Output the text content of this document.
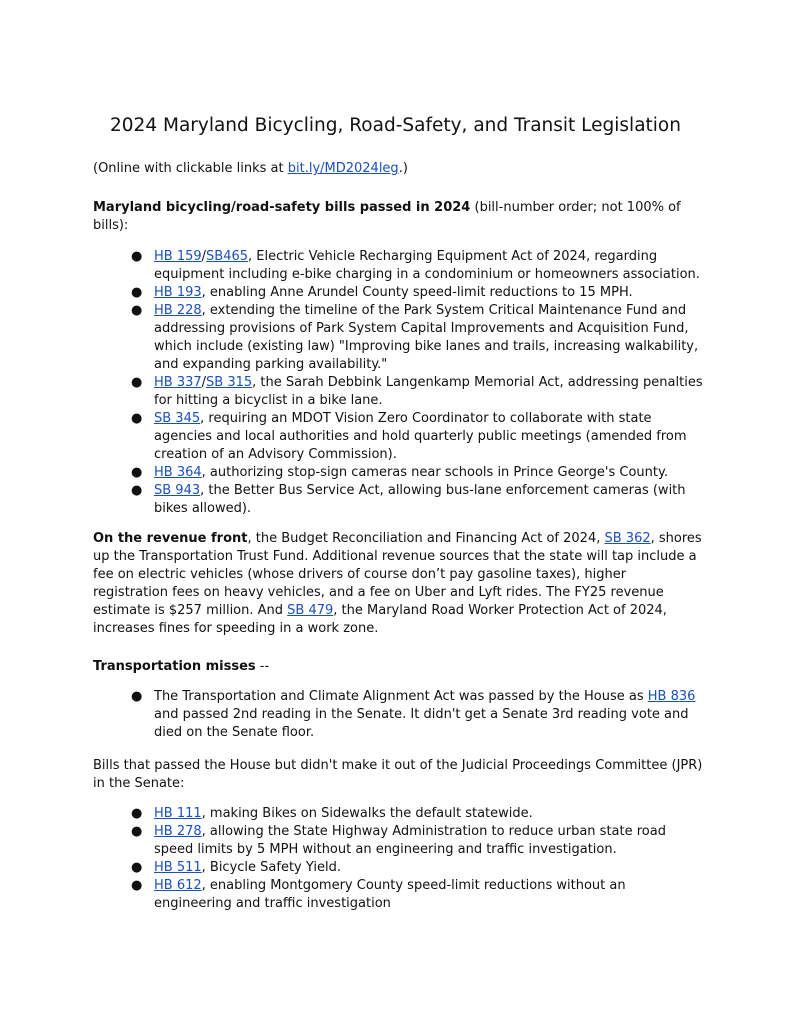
2024 Maryland Bicycling, Road-Safety, and Transit Legislation

(Online with clickable links at bit.ly/MD2024leg.)

Maryland bicycling/road-safety bills passed in 2024 (bill-number order; not 100% of bills):

● HB 159/SB465, Electric Vehicle Recharging Equipment Act of 2024, regarding equipment including e-bike charging in a condominium or homeowners association.
● HB 193, enabling Anne Arundel County speed-limit reductions to 15 MPH.
● HB 228, extending the timeline of the Park System Critical Maintenance Fund and addressing provisions of Park System Capital Improvements and Acquisition Fund, which include (existing law) "Improving bike lanes and trails, increasing walkability, and expanding parking availability."
● HB 337/SB 315, the Sarah Debbink Langenkamp Memorial Act, addressing penalties for hitting a bicyclist in a bike lane.
● SB 345, requiring an MDOT Vision Zero Coordinator to collaborate with state agencies and local authorities and hold quarterly public meetings (amended from creation of an Advisory Commission).
● HB 364, authorizing stop-sign cameras near schools in Prince George's County.
● SB 943, the Better Bus Service Act, allowing bus-lane enforcement cameras (with bikes allowed).

On the revenue front, the Budget Reconciliation and Financing Act of 2024, SB 362, shores up the Transportation Trust Fund. Additional revenue sources that the state will tap include a fee on electric vehicles (whose drivers of course don’t pay gasoline taxes), higher registration fees on heavy vehicles, and a fee on Uber and Lyft rides. The FY25 revenue estimate is $257 million. And SB 479, the Maryland Road Worker Protection Act of 2024, increases fines for speeding in a work zone.

Transportation misses --

● The Transportation and Climate Alignment Act was passed by the House as HB 836 and passed 2nd reading in the Senate. It didn't get a Senate 3rd reading vote and died on the Senate floor.

Bills that passed the House but didn't make it out of the Judicial Proceedings Committee (JPR) in the Senate:

● HB 111, making Bikes on Sidewalks the default statewide.
● HB 278, allowing the State Highway Administration to reduce urban state road speed limits by 5 MPH without an engineering and traffic investigation.
● HB 511, Bicycle Safety Yield.
● HB 612, enabling Montgomery County speed-limit reductions without an engineering and traffic investigation
